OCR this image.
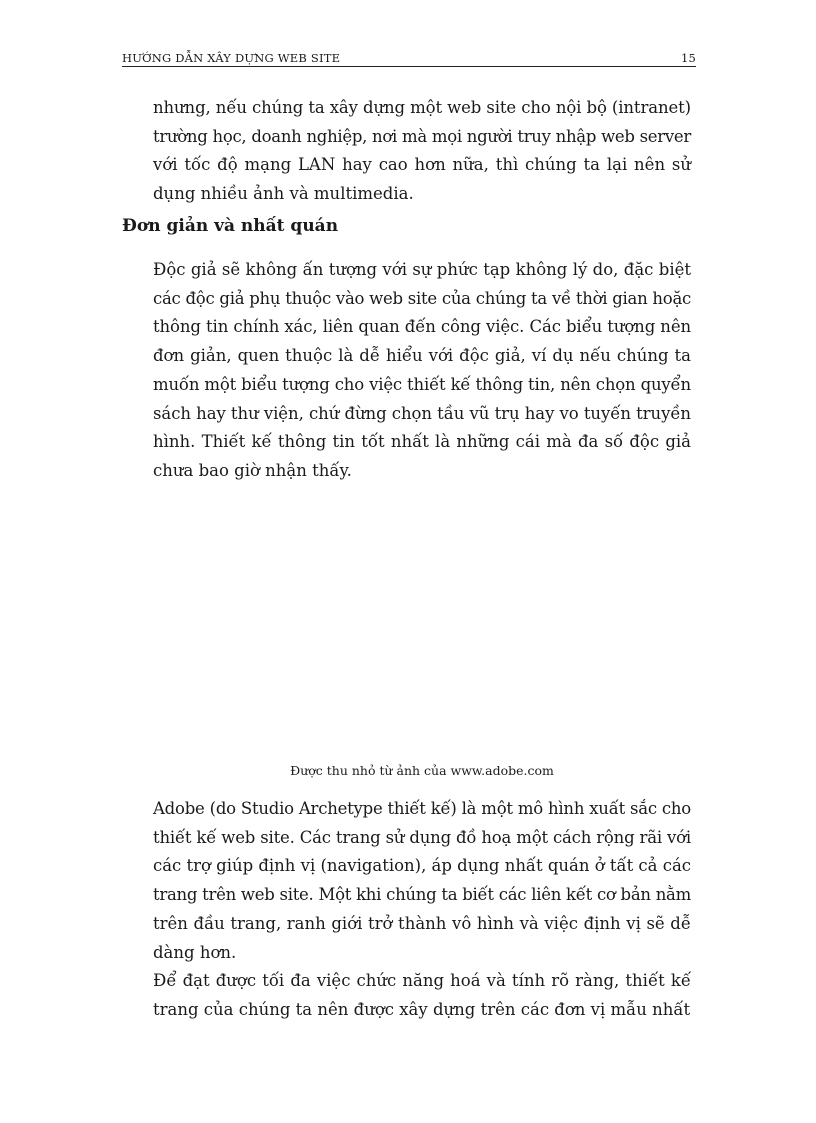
HƯỚNG DẪN XÂY DỰNG WEB SITE	15

nhưng, nếu chúng ta xây dựng một web site cho nội bộ (intranet)
trường học, doanh nghiệp, nơi mà mọi người truy nhập web server
với tốc độ mạng LAN hay cao hơn nữa, thì chúng ta lại nên sử
dụng nhiều ảnh và multimedia.

Đơn giản và nhất quán

Độc giả sẽ không ấn tượng với sự phức tạp không lý do, đặc biệt
các độc giả phụ thuộc vào web site của chúng ta về thời gian hoặc
thông tin chính xác, liên quan đến công việc. Các biểu tượng nên
đơn giản, quen thuộc là dễ hiểu với độc giả, ví dụ nếu chúng ta
muốn một biểu tượng cho việc thiết kế thông tin, nên chọn quyển
sách hay thư viện, chứ đừng chọn tầu vũ trụ hay vo tuyến truyền
hình. Thiết kế thông tin tốt nhất là những cái mà đa số độc giả
chưa bao giờ nhận thấy.

Được thu nhỏ từ ảnh của www.adobe.com

Adobe (do Studio Archetype thiết kế) là một mô hình xuất sắc cho
thiết kế web site. Các trang sử dụng đồ hoạ một cách rộng rãi với
các trợ giúp định vị (navigation), áp dụng nhất quán ở tất cả các
trang trên web site. Một khi chúng ta biết các liên kết cơ bản nằm
trên đầu trang, ranh giới trở thành vô hình và việc định vị sẽ dễ
dàng hơn.

Để đạt được tối đa việc chức năng hoá và tính rõ ràng, thiết kế
trang của chúng ta nên được xây dựng trên các đơn vị mẫu nhất
